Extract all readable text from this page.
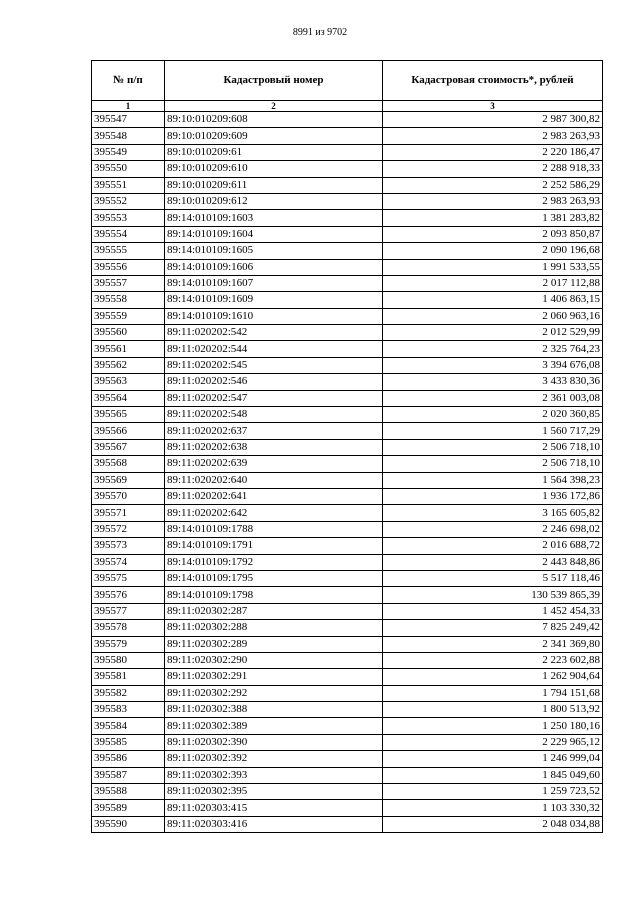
8991 из 9702
№ п/п	Кадастровый номер	Кадастровая стоимость*, рублей
1	2	3
395547	89:10:010209:608	2 987 300,82
395548	89:10:010209:609	2 983 263,93
395549	89:10:010209:61	2 220 186,47
395550	89:10:010209:610	2 288 918,33
395551	89:10:010209:611	2 252 586,29
395552	89:10:010209:612	2 983 263,93
395553	89:14:010109:1603	1 381 283,82
395554	89:14:010109:1604	2 093 850,87
395555	89:14:010109:1605	2 090 196,68
395556	89:14:010109:1606	1 991 533,55
395557	89:14:010109:1607	2 017 112,88
395558	89:14:010109:1609	1 406 863,15
395559	89:14:010109:1610	2 060 963,16
395560	89:11:020202:542	2 012 529,99
395561	89:11:020202:544	2 325 764,23
395562	89:11:020202:545	3 394 676,08
395563	89:11:020202:546	3 433 830,36
395564	89:11:020202:547	2 361 003,08
395565	89:11:020202:548	2 020 360,85
395566	89:11:020202:637	1 560 717,29
395567	89:11:020202:638	2 506 718,10
395568	89:11:020202:639	2 506 718,10
395569	89:11:020202:640	1 564 398,23
395570	89:11:020202:641	1 936 172,86
395571	89:11:020202:642	3 165 605,82
395572	89:14:010109:1788	2 246 698,02
395573	89:14:010109:1791	2 016 688,72
395574	89:14:010109:1792	2 443 848,86
395575	89:14:010109:1795	5 517 118,46
395576	89:14:010109:1798	130 539 865,39
395577	89:11:020302:287	1 452 454,33
395578	89:11:020302:288	7 825 249,42
395579	89:11:020302:289	2 341 369,80
395580	89:11:020302:290	2 223 602,88
395581	89:11:020302:291	1 262 904,64
395582	89:11:020302:292	1 794 151,68
395583	89:11:020302:388	1 800 513,92
395584	89:11:020302:389	1 250 180,16
395585	89:11:020302:390	2 229 965,12
395586	89:11:020302:392	1 246 999,04
395587	89:11:020302:393	1 845 049,60
395588	89:11:020302:395	1 259 723,52
395589	89:11:020303:415	1 103 330,32
395590	89:11:020303:416	2 048 034,88
